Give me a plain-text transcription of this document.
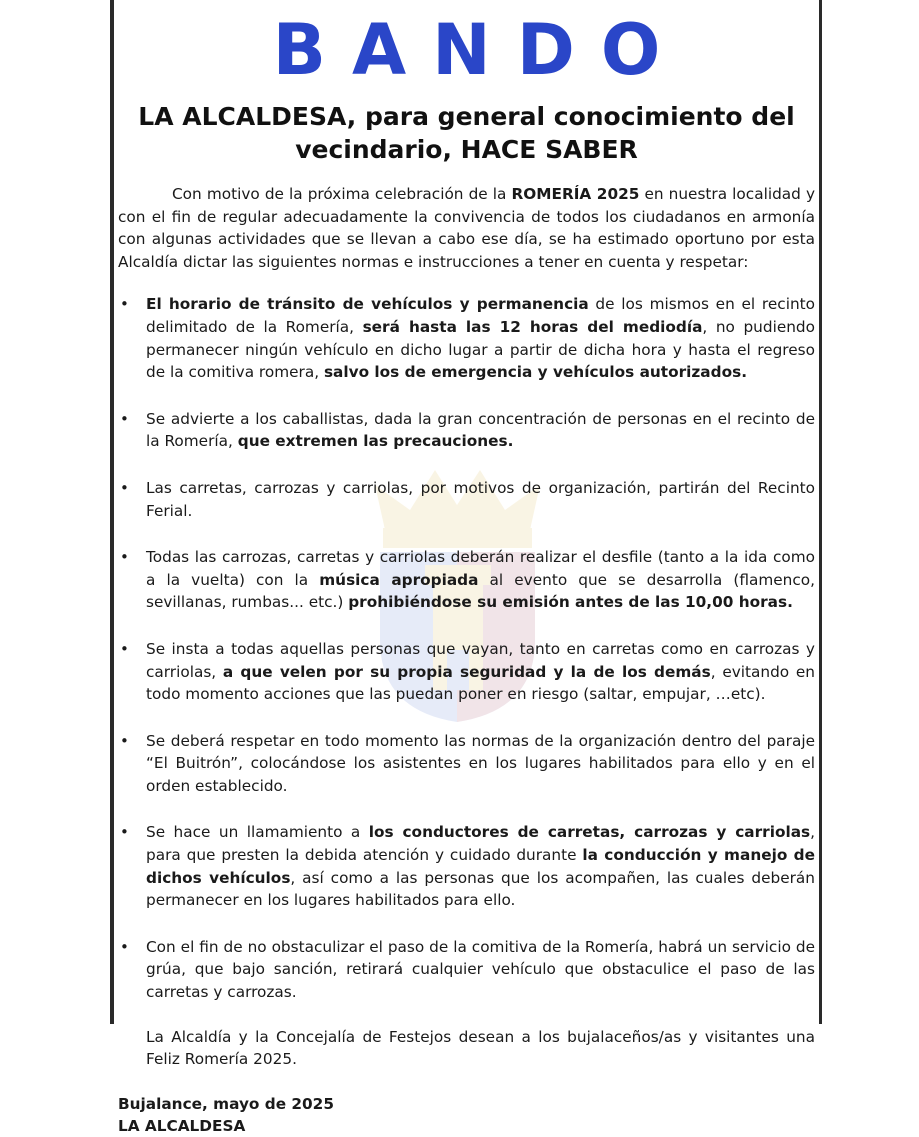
BANDO
LA ALCALDESA, para general conocimiento del
vecindario, HACE SABER

Con motivo de la próxima celebración de la ROMERÍA 2025 en nuestra localidad y con el fin de regular adecuadamente la convivencia de todos los ciudadanos en armonía con algunas actividades que se llevan a cabo ese día, se ha estimado oportuno por esta Alcaldía dictar las siguientes normas e instrucciones a tener en cuenta y respetar:

• El horario de tránsito de vehículos y permanencia de los mismos en el recinto delimitado de la Romería, será hasta las 12 horas del mediodía, no pudiendo permanecer ningún vehículo en dicho lugar a partir de dicha hora y hasta el regreso de la comitiva romera, salvo los de emergencia y vehículos autorizados.
• Se advierte a los caballistas, dada la gran concentración de personas en el recinto de la Romería, que extremen las precauciones.
• Las carretas, carrozas y carriolas, por motivos de organización, partirán del Recinto Ferial.
• Todas las carrozas, carretas y carriolas deberán realizar el desfile (tanto a la ida como a la vuelta) con la música apropiada al evento que se desarrolla (flamenco, sevillanas, rumbas... etc.) prohibiéndose su emisión antes de las 10,00 horas.
• Se insta a todas aquellas personas que vayan, tanto en carretas como en carrozas y carriolas, a que velen por su propia seguridad y la de los demás, evitando en todo momento acciones que las puedan poner en riesgo (saltar, empujar, …etc).
• Se deberá respetar en todo momento las normas de la organización dentro del paraje “El Buitrón”, colocándose los asistentes en los lugares habilitados para ello y en el orden establecido.
• Se hace un llamamiento a los conductores de carretas, carrozas y carriolas, para que presten la debida atención y cuidado durante la conducción y manejo de dichos vehículos, así como a las personas que los acompañen, las cuales deberán permanecer en los lugares habilitados para ello.
• Con el fin de no obstaculizar el paso de la comitiva de la Romería, habrá un servicio de grúa, que bajo sanción, retirará cualquier vehículo que obstaculice el paso de las carretas y carrozas.

La Alcaldía y la Concejalía de Festejos desean a los bujalaceños/as y visitantes una Feliz Romería 2025.

Bujalance, mayo de 2025
LA ALCALDESA
